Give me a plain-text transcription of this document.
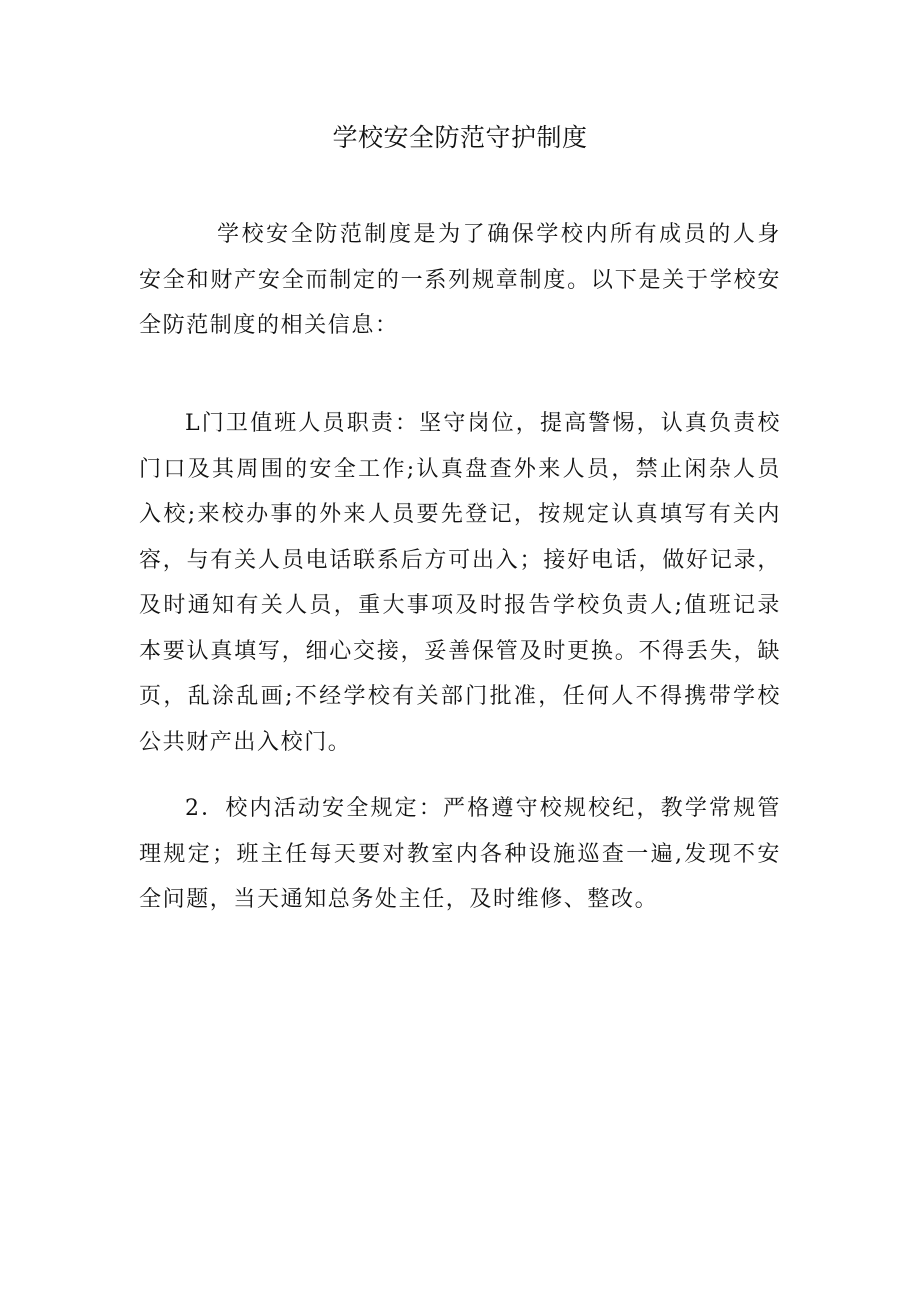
学校安全防范守护制度

学校安全防范制度是为了确保学校内所有成员的人身安全和财产安全而制定的一系列规章制度。以下是关于学校安全防范制度的相关信息：

L门卫值班人员职责：坚守岗位，提高警惕，认真负责校门口及其周围的安全工作;认真盘查外来人员，禁止闲杂人员入校;来校办事的外来人员要先登记，按规定认真填写有关内容，与有关人员电话联系后方可出入；接好电话，做好记录，及时通知有关人员，重大事项及时报告学校负责人;值班记录本要认真填写，细心交接，妥善保管及时更换。不得丢失，缺页，乱涂乱画;不经学校有关部门批准，任何人不得携带学校公共财产出入校门。

2．校内活动安全规定：严格遵守校规校纪，教学常规管理规定；班主任每天要对教室内各种设施巡查一遍,发现不安全问题，当天通知总务处主任，及时维修、整改。
